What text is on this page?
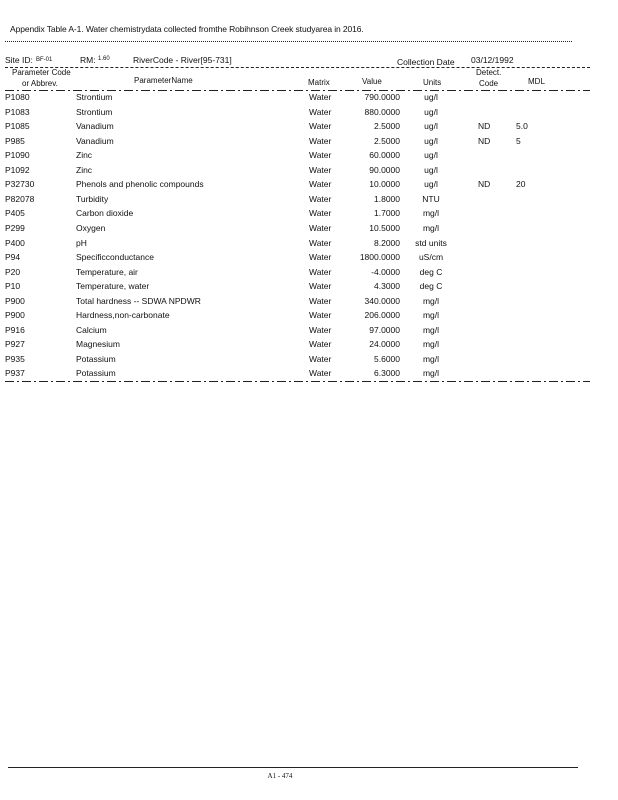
Appendix Table A-1. Water chemistrydata collected fromthe Robihnson Creek studyarea in 2016.
Site ID: BF-01	RM: 1.60	RiverCode - River[95-731]	Collection Date 03/12/1992
Parameter Code
or Abbrev.	ParameterName	Matrix	Value	Units
Detect.
Code	MDL
P1080	Strontium	Water	790.0000	ug/l
P1083	Strontium	Water	880.0000	ug/l
P1085	Vanadium	Water	2.5000	ug/l	ND	5.0
P985	Vanadium	Water	2.5000	ug/l	ND	5
P1090	Zinc	Water	60.0000	ug/l
P1092	Zinc	Water	90.0000	ug/l
P32730	Phenols and phenolic compounds	Water	10.0000	ug/l	ND	20
P82078	Turbidity	Water	1.8000	NTU
P405	Carbon dioxide	Water	1.7000	mg/l
P299	Oxygen	Water	10.5000	mg/l
P400	pH	Water	8.2000	std units
P94	Specificconductance	Water	1800.0000	uS/cm
P20	Temperature, air	Water	-4.0000	deg C
P10	Temperature, water	Water	4.3000	deg C
P900	Total hardness -- SDWA NPDWR	Water	340.0000	mg/l
P900	Hardness,non-carbonate	Water	206.0000	mg/l
P916	Calcium	Water	97.0000	mg/l
P927	Magnesium	Water	24.0000	mg/l
P935	Potassium	Water	5.6000	mg/l
P937	Potassium	Water	6.3000	mg/l
A1 - 474
